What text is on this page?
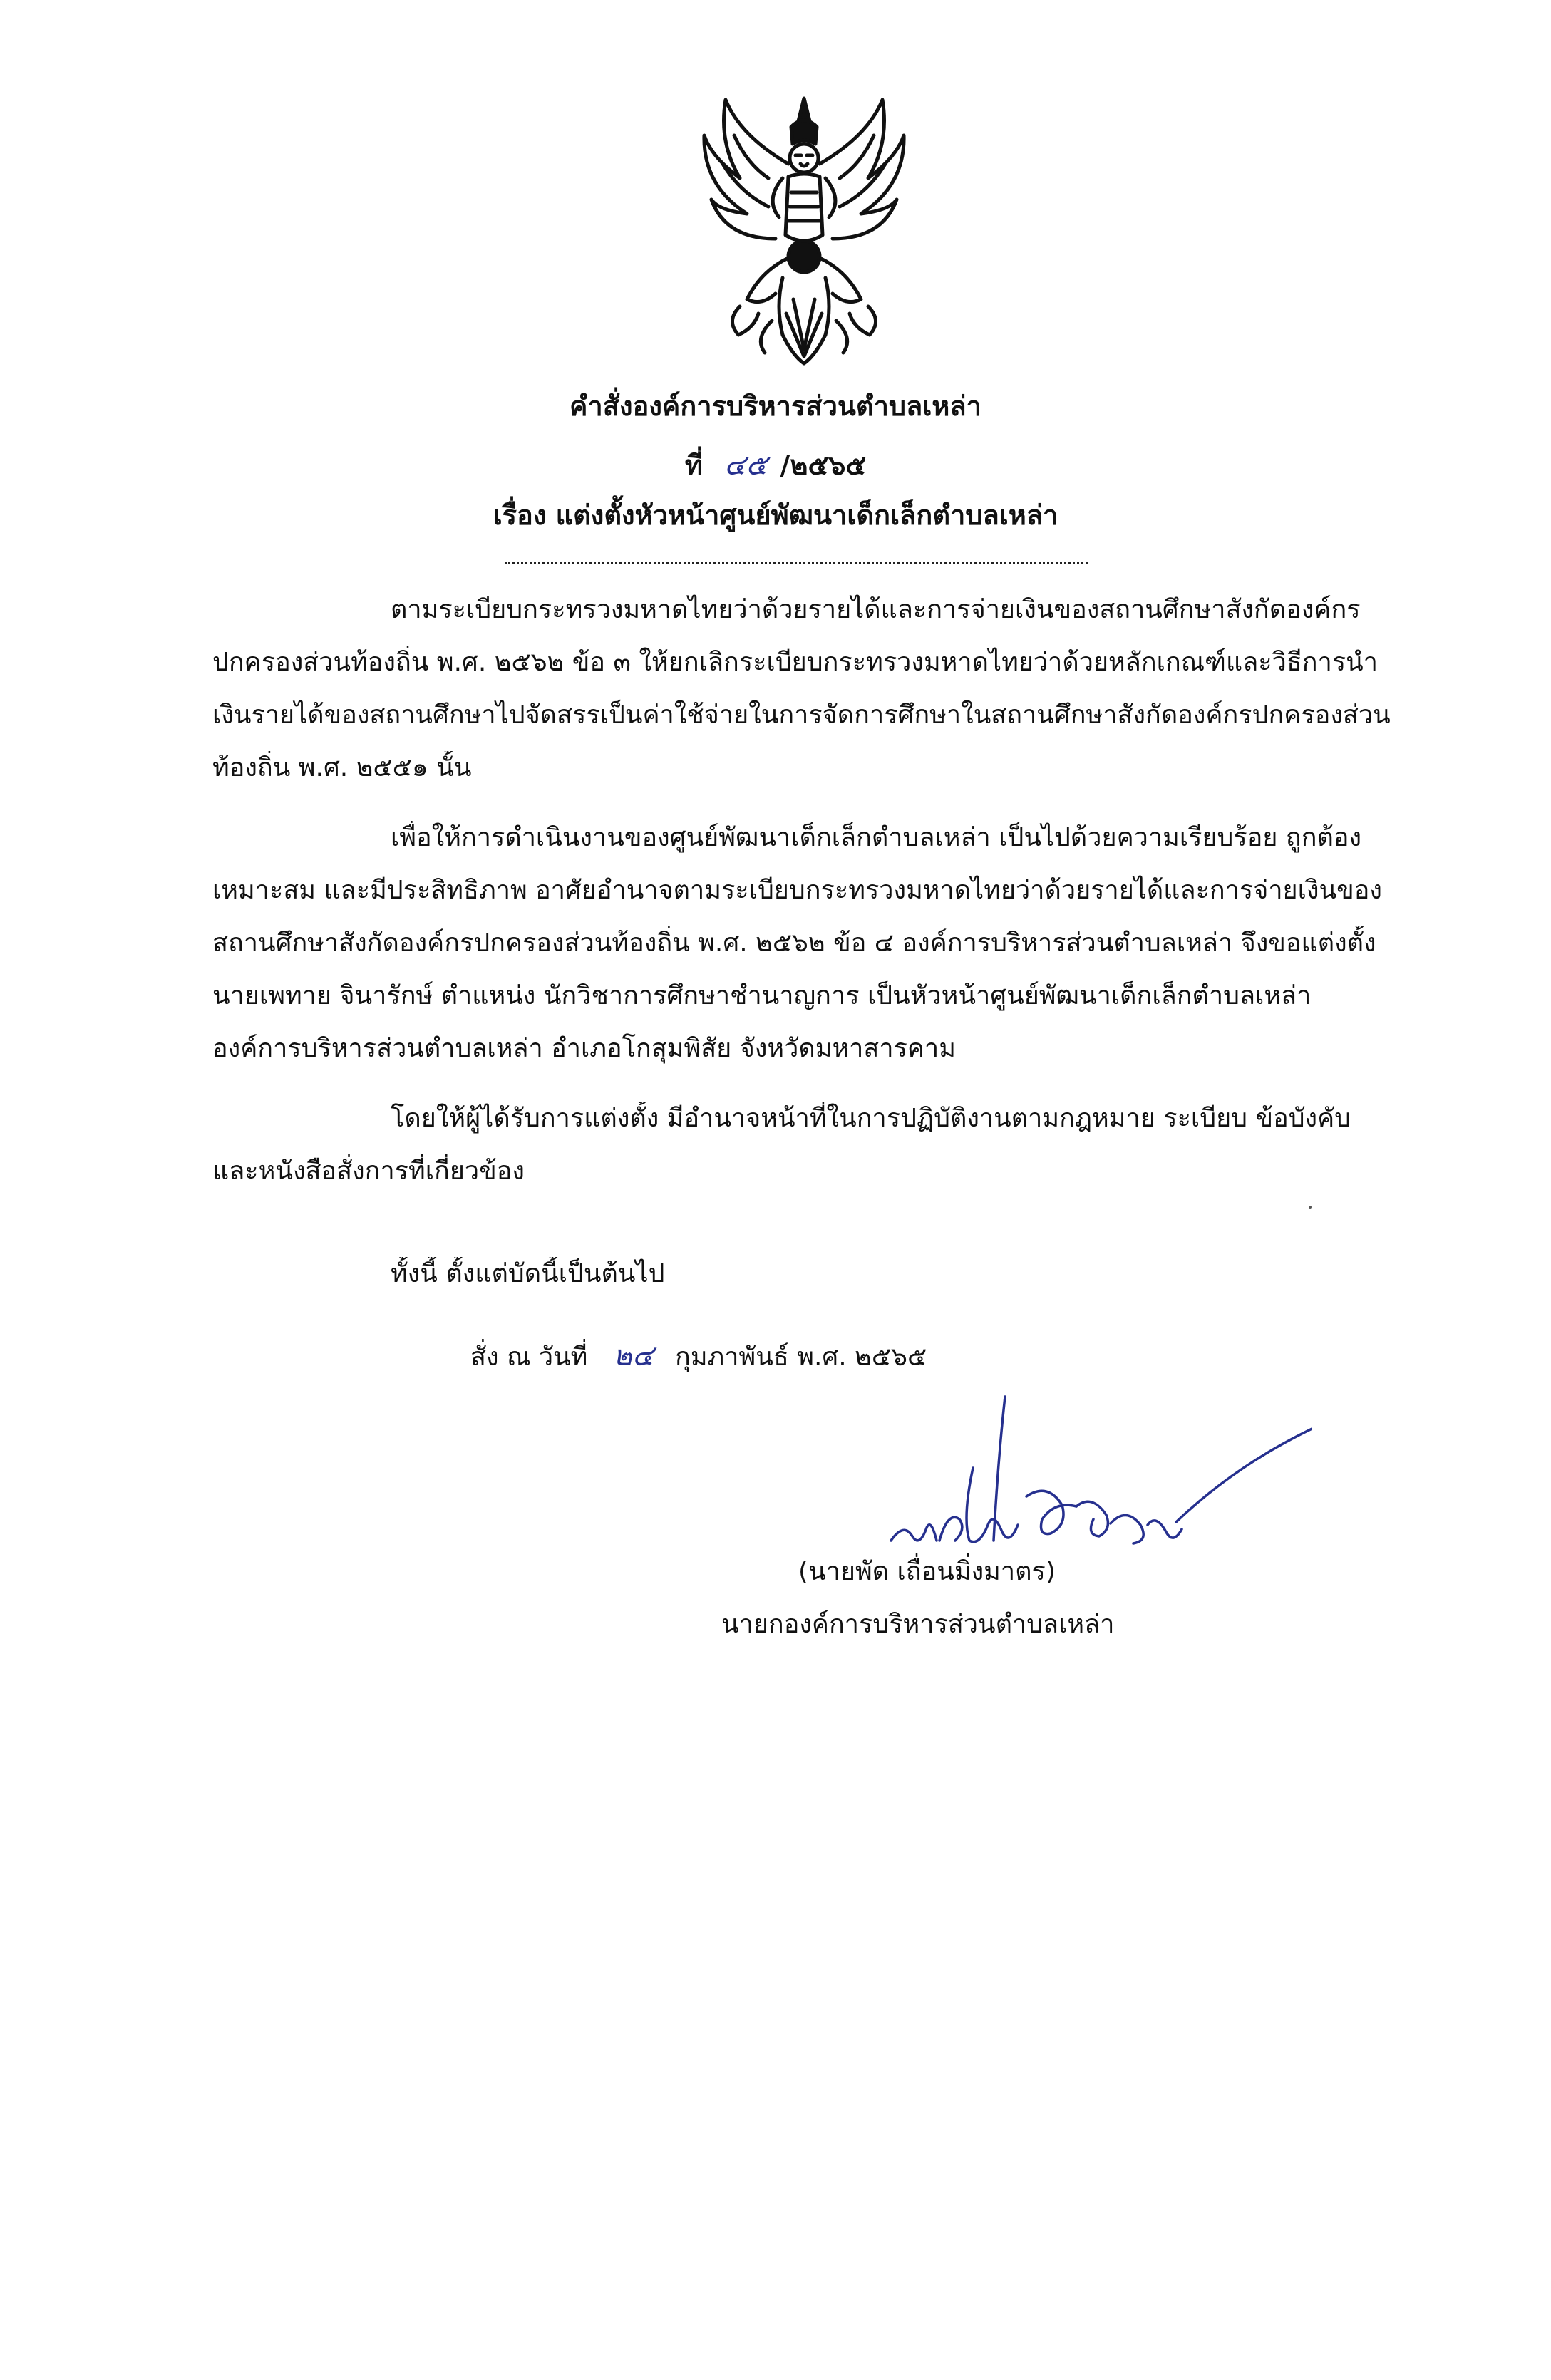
คำสั่งองค์การบริหารส่วนตำบลเหล่า
ที่ ๔๕ /๒๕๖๕
เรื่อง แต่งตั้งหัวหน้าศูนย์พัฒนาเด็กเล็กตำบลเหล่า
ตามระเบียบกระทรวงมหาดไทยว่าด้วยรายได้และการจ่ายเงินของสถานศึกษาสังกัดองค์กร
ปกครองส่วนท้องถิ่น พ.ศ. ๒๕๖๒ ข้อ ๓ ให้ยกเลิกระเบียบกระทรวงมหาดไทยว่าด้วยหลักเกณฑ์และวิธีการนำ
เงินรายได้ของสถานศึกษาไปจัดสรรเป็นค่าใช้จ่ายในการจัดการศึกษาในสถานศึกษาสังกัดองค์กรปกครองส่วน
ท้องถิ่น พ.ศ. ๒๕๕๑ นั้น
เพื่อให้การดำเนินงานของศูนย์พัฒนาเด็กเล็กตำบลเหล่า เป็นไปด้วยความเรียบร้อย ถูกต้อง
เหมาะสม และมีประสิทธิภาพ อาศัยอำนาจตามระเบียบกระทรวงมหาดไทยว่าด้วยรายได้และการจ่ายเงินของ
สถานศึกษาสังกัดองค์กรปกครองส่วนท้องถิ่น พ.ศ. ๒๕๖๒ ข้อ ๔ องค์การบริหารส่วนตำบลเหล่า จึงขอแต่งตั้ง
นายเพทาย จินารักษ์ ตำแหน่ง นักวิชาการศึกษาชำนาญการ เป็นหัวหน้าศูนย์พัฒนาเด็กเล็กตำบลเหล่า
องค์การบริหารส่วนตำบลเหล่า อำเภอโกสุมพิสัย จังหวัดมหาสารคาม
โดยให้ผู้ได้รับการแต่งตั้ง มีอำนาจหน้าที่ในการปฏิบัติงานตามกฎหมาย ระเบียบ ข้อบังคับ
และหนังสือสั่งการที่เกี่ยวข้อง
ทั้งนี้ ตั้งแต่บัดนี้เป็นต้นไป
สั่ง ณ วันที่ ๒๔ กุมภาพันธ์ พ.ศ. ๒๕๖๕
(นายพัด เถื่อนมิ่งมาตร)
นายกองค์การบริหารส่วนตำบลเหล่า
